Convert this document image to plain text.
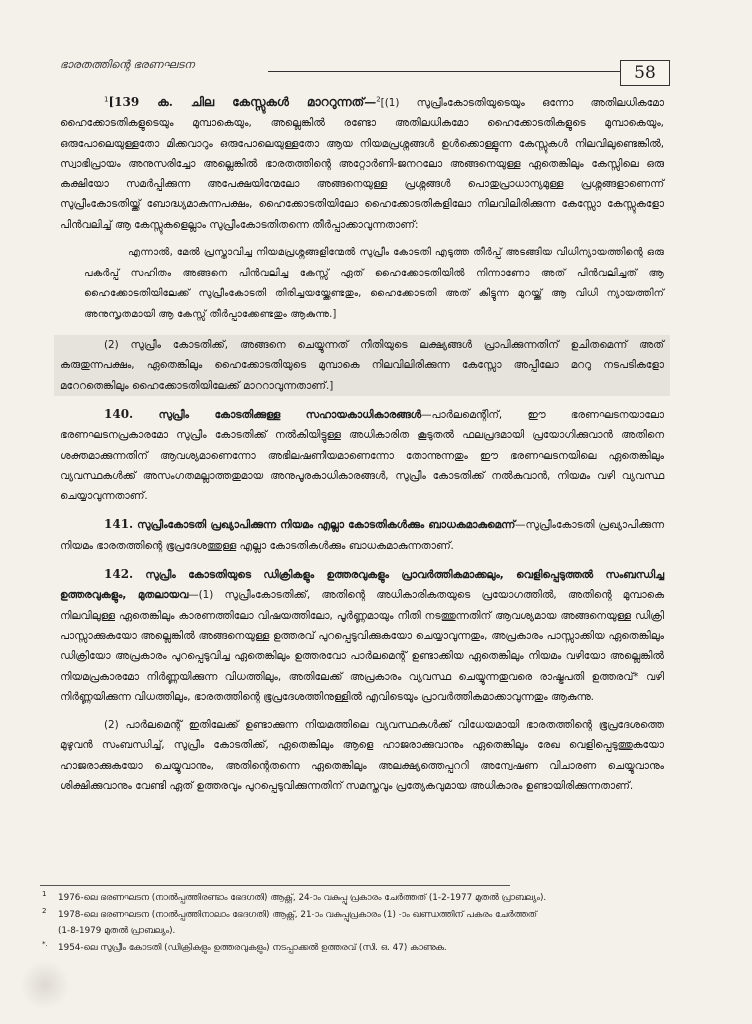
ഭാരതത്തിന്റെ ഭരണഘടന	58

$^1$[139 ക. ചില കേസ്സുകൾ മാററുന്നത്—$^2$[(1) സുപ്രീംകോടതിയുടെയും ഒന്നോ അതിലധികമോ ഹൈക്കോടതികളുടെയും മുമ്പാകെയും, അല്ലെങ്കിൽ രണ്ടോ അതിലധികമോ ഹൈക്കോടതികളുടെ മുമ്പാകെയും, ഒരുപോലെയുള്ളതോ മിക്കവാറും ഒരുപോലെയുള്ളതോ ആയ നിയമപ്രശ്നങ്ങൾ ഉൾക്കൊള്ളുന്ന കേസ്സുകൾ നിലവിലുണ്ടെങ്കിൽ, സ്വാഭിപ്രായം അനുസരിച്ചോ അല്ലെങ്കിൽ ഭാരതത്തിന്റെ അറ്റോർണി-ജനറലോ അങ്ങനെയുള്ള ഏതെങ്കിലും കേസ്സിലെ ഒരു കക്ഷിയോ സമർപ്പിക്കുന്ന അപേക്ഷയിന്മേലോ അങ്ങനെയുള്ള പ്രശ്നങ്ങൾ പൊതുപ്രാധാന്യമുള്ള പ്രശ്നങ്ങളാണെന്ന് സുപ്രീംകോടതിയ്ക്ക് ബോദ്ധ്യമാകുന്നപക്ഷം, ഹൈക്കോടതിയിലോ ഹൈക്കോടതികളിലോ നിലവിലിരിക്കുന്ന കേസ്സോ കേസ്സുകളോ പിൻവലിച്ച് ആ കേസ്സുകളെല്ലാം സുപ്രീംകോടതിതന്നെ തീർപ്പാക്കാവുന്നതാണ്:

എന്നാൽ, മേൽ പ്രസ്താവിച്ച നിയമപ്രശ്നങ്ങളിന്മേൽ സുപ്രീം കോടതി എടുത്ത തീർപ്പ് അടങ്ങിയ വിധിന്യായത്തിന്റെ ഒരു പകർപ്പ് സഹിതം അങ്ങനെ പിൻവലിച്ച കേസ്സ് ഏത് ഹൈക്കോടതിയിൽ നിന്നാണോ അത് പിൻവലിച്ചത് ആ ഹൈക്കോടതിയിലേക്ക് സുപ്രീംകോടതി തിരിച്ചയയ്ക്കേണ്ടതും, ഹൈക്കോടതി അത് കിട്ടുന്ന മുറയ്ക്ക് ആ വിധി ന്യായത്തിന് അനുസൃതമായി ആ കേസ്സ് തീർപ്പാക്കേണ്ടതും ആകുന്നു.]

(2) സുപ്രീം കോടതിക്ക്, അങ്ങനെ ചെയ്യുന്നത് നീതിയുടെ ലക്ഷ്യങ്ങൾ പ്രാപിക്കുന്നതിന് ഉചിതമെന്ന് അത് കരുതുന്നപക്ഷം, ഏതെങ്കിലും ഹൈക്കോടതിയുടെ മുമ്പാകെ നിലവിലിരിക്കുന്ന കേസ്സോ അപ്പീലോ മററു നടപടികളോ മറേറതെങ്കിലും ഹൈക്കോടതിയിലേക്ക് മാററാവുന്നതാണ്.]

140. സുപ്രീം കോടതിക്കുള്ള സഹായകാധികാരങ്ങൾ—പാർലമെന്റിന്, ഈ ഭരണഘടനയാലോ ഭരണഘടനപ്രകാരമോ സുപ്രീം കോടതിക്ക് നൽകിയിട്ടുള്ള അധികാരിത കൂടുതൽ ഫലപ്രദമായി പ്രയോഗിക്കുവാൻ അതിനെ ശക്തമാക്കുന്നതിന് ആവശ്യമാണെന്നോ അഭിലഷണീയമാണെന്നോ തോന്നുന്നതും ഈ ഭരണഘടനയിലെ ഏതെങ്കിലും വ്യവസ്ഥകൾക്ക് അസംഗതമല്ലാത്തതുമായ അനുപൂരകാധികാരങ്ങൾ, സുപ്രീം കോടതിക്ക് നൽകുവാൻ, നിയമം വഴി വ്യവസ്ഥ ചെയ്യാവുന്നതാണ്.

141. സുപ്രീംകോടതി പ്രഖ്യാപിക്കുന്ന നിയമം എല്ലാ കോടതികൾക്കും ബാധകമാകുമെന്ന്—സുപ്രീംകോടതി പ്രഖ്യാപിക്കുന്ന നിയമം ഭാരതത്തിന്റെ ഭൂപ്രദേശത്തുള്ള എല്ലാ കോടതികൾക്കും ബാധകമാകുന്നതാണ്.

142. സുപ്രീം കോടതിയുടെ ഡിക്രികളും ഉത്തരവുകളും പ്രാവർത്തികമാക്കലും, വെളിപ്പെടുത്തൽ സംബന്ധിച്ച ഉത്തരവുകളും, മുതലായവ—(1) സുപ്രീംകോടതിക്ക്, അതിന്റെ അധികാരികതയുടെ പ്രയോഗത്തിൽ, അതിന്റെ മുമ്പാകെ നിലവിലുള്ള ഏതെങ്കിലും കാരണത്തിലോ വിഷയത്തിലോ, പൂർണ്ണമായും നീതി നടത്തുന്നതിന് ആവശ്യമായ അങ്ങനെയുള്ള ഡിക്രി പാസ്സാക്കുകയോ അല്ലെങ്കിൽ അങ്ങനെയുള്ള ഉത്തരവ് പുറപ്പെടുവിക്കുകയോ ചെയ്യാവുന്നതും, അപ്രകാരം പാസ്സാക്കിയ ഏതെങ്കിലും ഡിക്രിയോ അപ്രകാരം പുറപ്പെടുവിച്ച ഏതെങ്കിലും ഉത്തരവോ പാർലമെന്റ് ഉണ്ടാക്കിയ ഏതെങ്കിലും നിയമം വഴിയോ അല്ലെങ്കിൽ നിയമപ്രകാരമോ നിർണ്ണയിക്കുന്ന വിധത്തിലും, അതിലേക്ക് അപ്രകാരം വ്യവസ്ഥ ചെയ്യുന്നതുവരെ രാഷ്ട്രപതി ഉത്തരവ്* വഴി നിർണ്ണയിക്കുന്ന വിധത്തിലും, ഭാരതത്തിന്റെ ഭൂപ്രദേശത്തിനുള്ളിൽ എവിടെയും പ്രാവർത്തികമാക്കാവുന്നതും ആകുന്നു.

(2) പാർലമെന്റ് ഇതിലേക്ക് ഉണ്ടാക്കുന്ന നിയമത്തിലെ വ്യവസ്ഥകൾക്ക് വിധേയമായി ഭാരതത്തിന്റെ ഭൂപ്രദേശത്തെ മുഴുവൻ സംബന്ധിച്ച്, സുപ്രീം കോടതിക്ക്, ഏതെങ്കിലും ആളെ ഹാജരാക്കുവാനും ഏതെങ്കിലും രേഖ വെളിപ്പെടുത്തുകയോ ഹാജരാക്കുകയോ ചെയ്യുവാനും, അതിന്റെതന്നെ ഏതെങ്കിലും അലക്ഷ്യത്തെപ്പററി അന്വേഷണ വിചാരണ ചെയ്യുവാനും ശിക്ഷിക്കുവാനും വേണ്ടി ഏത് ഉത്തരവും പുറപ്പെടുവിക്കുന്നതിന് സമസ്തവും പ്രത്യേകവുമായ അധികാരം ഉണ്ടായിരിക്കുന്നതാണ്.

1 1976-ലെ ഭരണഘടന (നാൽപ്പത്തിരണ്ടാം ഭേദഗതി) ആക്റ്റ്, 24-ാം വകുപ്പു പ്രകാരം ചേർത്തത് (1-2-1977 മുതൽ പ്രാബല്യം).

2 1978-ലെ ഭരണഘടന (നാൽപ്പത്തിനാലാം ഭേദഗതി) ആക്റ്റ്, 21-ാം വകുപ്പുപ്രകാരം (1) -ാം ഖണ്ഡത്തിന് പകരം ചേർത്തത്

(1-8-1979 മുതൽ പ്രാബല്യം).

*. 1954-ലെ സുപ്രീം കോടതി (ഡിക്രികളും ഉത്തരവുകളും) നടപ്പാക്കൽ ഉത്തരവ് (സി. ഒ. 47) കാണുക.
